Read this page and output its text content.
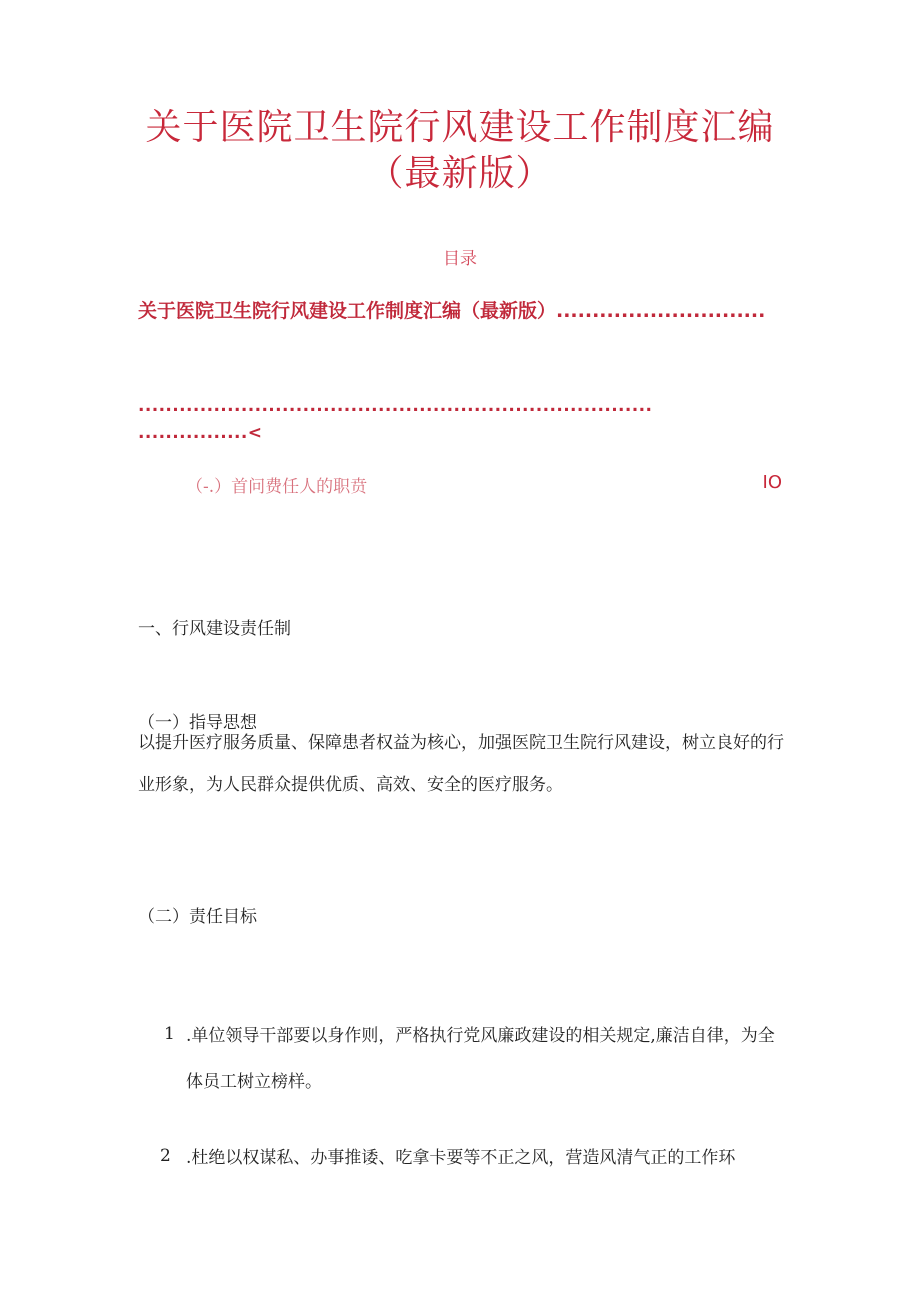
关于医院卫生院行风建设工作制度汇编
（最新版）
目录
关于医院卫生院行风建设工作制度汇编（最新版）.............................
...........................................................................
................<
（-.）首问费任人的职贲	IO
一、行风建设责任制
（一）指导思想
以提升医疗服务质量、保障患者权益为核心，加强医院卫生院行风建设，树立良好的行业形象，为人民群众提供优质、高效、安全的医疗服务。
（二）责任目标
1 .单位领导干部要以身作则，严格执行党风廉政建设的相关规定,廉洁自律，为全体员工树立榜样。
2 .杜绝以权谋私、办事推诿、吃拿卡要等不正之风，营造风清气正的工作环
